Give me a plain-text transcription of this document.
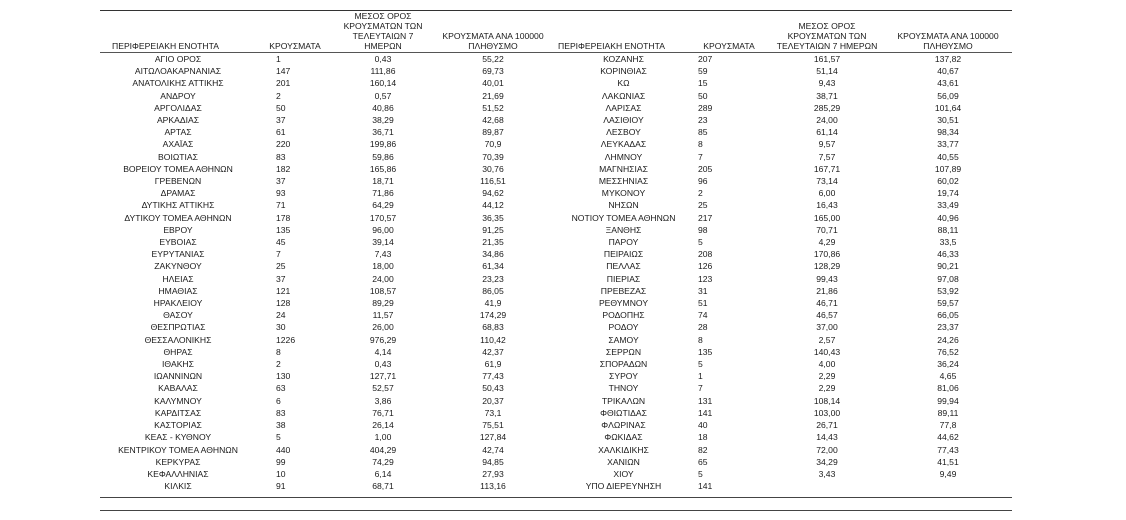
ΠΕΡΙΦΕΡΕΙΑΚΗ ΕΝΟΤΗΤΑ	ΚΡΟΥΣΜΑΤΑ	ΜΕΣΟΣ ΟΡΟΣ ΚΡΟΥΣΜΑΤΩΝ ΤΩΝ ΤΕΛΕΥΤΑΙΩΝ 7 ΗΜΕΡΩΝ	ΚΡΟΥΣΜΑΤΑ ΑΝΑ 100000 ΠΛΗΘΥΣΜΟ	ΠΕΡΙΦΕΡΕΙΑΚΗ ΕΝΟΤΗΤΑ	ΚΡΟΥΣΜΑΤΑ	ΜΕΣΟΣ ΟΡΟΣ ΚΡΟΥΣΜΑΤΩΝ ΤΩΝ ΤΕΛΕΥΤΑΙΩΝ 7 ΗΜΕΡΩΝ	ΚΡΟΥΣΜΑΤΑ ΑΝΑ 100000 ΠΛΗΘΥΣΜΟ
ΑΓΙΟ ΟΡΟΣ	1	0,43	55,22	ΚΟΖΑΝΗΣ	207	161,57	137,82
ΑΙΤΩΛΟΑΚΑΡΝΑΝΙΑΣ	147	111,86	69,73	ΚΟΡΙΝΘΙΑΣ	59	51,14	40,67
ΑΝΑΤΟΛΙΚΗΣ ΑΤΤΙΚΗΣ	201	160,14	40,01	ΚΩ	15	9,43	43,61
ΑΝΔΡΟΥ	2	0,57	21,69	ΛΑΚΩΝΙΑΣ	50	38,71	56,09
ΑΡΓΟΛΙΔΑΣ	50	40,86	51,52	ΛΑΡΙΣΑΣ	289	285,29	101,64
ΑΡΚΑΔΙΑΣ	37	38,29	42,68	ΛΑΣΙΘΙΟΥ	23	24,00	30,51
ΑΡΤΑΣ	61	36,71	89,87	ΛΕΣΒΟΥ	85	61,14	98,34
ΑΧΑΪΑΣ	220	199,86	70,9	ΛΕΥΚΑΔΑΣ	8	9,57	33,77
ΒΟΙΩΤΙΑΣ	83	59,86	70,39	ΛΗΜΝΟΥ	7	7,57	40,55
ΒΟΡΕΙΟΥ ΤΟΜΕΑ ΑΘΗΝΩΝ	182	165,86	30,76	ΜΑΓΝΗΣΙΑΣ	205	167,71	107,89
ΓΡΕΒΕΝΩΝ	37	18,71	116,51	ΜΕΣΣΗΝΙΑΣ	96	73,14	60,02
ΔΡΑΜΑΣ	93	71,86	94,62	ΜΥΚΟΝΟΥ	2	6,00	19,74
ΔΥΤΙΚΗΣ ΑΤΤΙΚΗΣ	71	64,29	44,12	ΝΗΣΩΝ	25	16,43	33,49
ΔΥΤΙΚΟΥ ΤΟΜΕΑ ΑΘΗΝΩΝ	178	170,57	36,35	ΝΟΤΙΟΥ ΤΟΜΕΑ ΑΘΗΝΩΝ	217	165,00	40,96
ΕΒΡΟΥ	135	96,00	91,25	ΞΑΝΘΗΣ	98	70,71	88,11
ΕΥΒΟΙΑΣ	45	39,14	21,35	ΠΑΡΟΥ	5	4,29	33,5
ΕΥΡΥΤΑΝΙΑΣ	7	7,43	34,86	ΠΕΙΡΑΙΩΣ	208	170,86	46,33
ΖΑΚΥΝΘΟΥ	25	18,00	61,34	ΠΕΛΛΑΣ	126	128,29	90,21
ΗΛΕΙΑΣ	37	24,00	23,23	ΠΙΕΡΙΑΣ	123	99,43	97,08
ΗΜΑΘΙΑΣ	121	108,57	86,05	ΠΡΕΒΕΖΑΣ	31	21,86	53,92
ΗΡΑΚΛΕΙΟΥ	128	89,29	41,9	ΡΕΘΥΜΝΟΥ	51	46,71	59,57
ΘΑΣΟΥ	24	11,57	174,29	ΡΟΔΟΠΗΣ	74	46,57	66,05
ΘΕΣΠΡΩΤΙΑΣ	30	26,00	68,83	ΡΟΔΟΥ	28	37,00	23,37
ΘΕΣΣΑΛΟΝΙΚΗΣ	1226	976,29	110,42	ΣΑΜΟΥ	8	2,57	24,26
ΘΗΡΑΣ	8	4,14	42,37	ΣΕΡΡΩΝ	135	140,43	76,52
ΙΘΑΚΗΣ	2	0,43	61,9	ΣΠΟΡΑΔΩΝ	5	4,00	36,24
ΙΩΑΝΝΙΝΩΝ	130	127,71	77,43	ΣΥΡΟΥ	1	2,29	4,65
ΚΑΒΑΛΑΣ	63	52,57	50,43	ΤΗΝΟΥ	7	2,29	81,06
ΚΑΛΥΜΝΟΥ	6	3,86	20,37	ΤΡΙΚΑΛΩΝ	131	108,14	99,94
ΚΑΡΔΙΤΣΑΣ	83	76,71	73,1	ΦΘΙΩΤΙΔΑΣ	141	103,00	89,11
ΚΑΣΤΟΡΙΑΣ	38	26,14	75,51	ΦΛΩΡΙΝΑΣ	40	26,71	77,8
ΚΕΑΣ - ΚΥΘΝΟΥ	5	1,00	127,84	ΦΩΚΙΔΑΣ	18	14,43	44,62
ΚΕΝΤΡΙΚΟΥ ΤΟΜΕΑ ΑΘΗΝΩΝ	440	404,29	42,74	ΧΑΛΚΙΔΙΚΗΣ	82	72,00	77,43
ΚΕΡΚΥΡΑΣ	99	74,29	94,85	ΧΑΝΙΩΝ	65	34,29	41,51
ΚΕΦΑΛΛΗΝΙΑΣ	10	6,14	27,93	ΧΙΟΥ	5	3,43	9,49
ΚΙΛΚΙΣ	91	68,71	113,16	ΥΠΟ ΔΙΕΡΕΥΝΗΣΗ	141		
